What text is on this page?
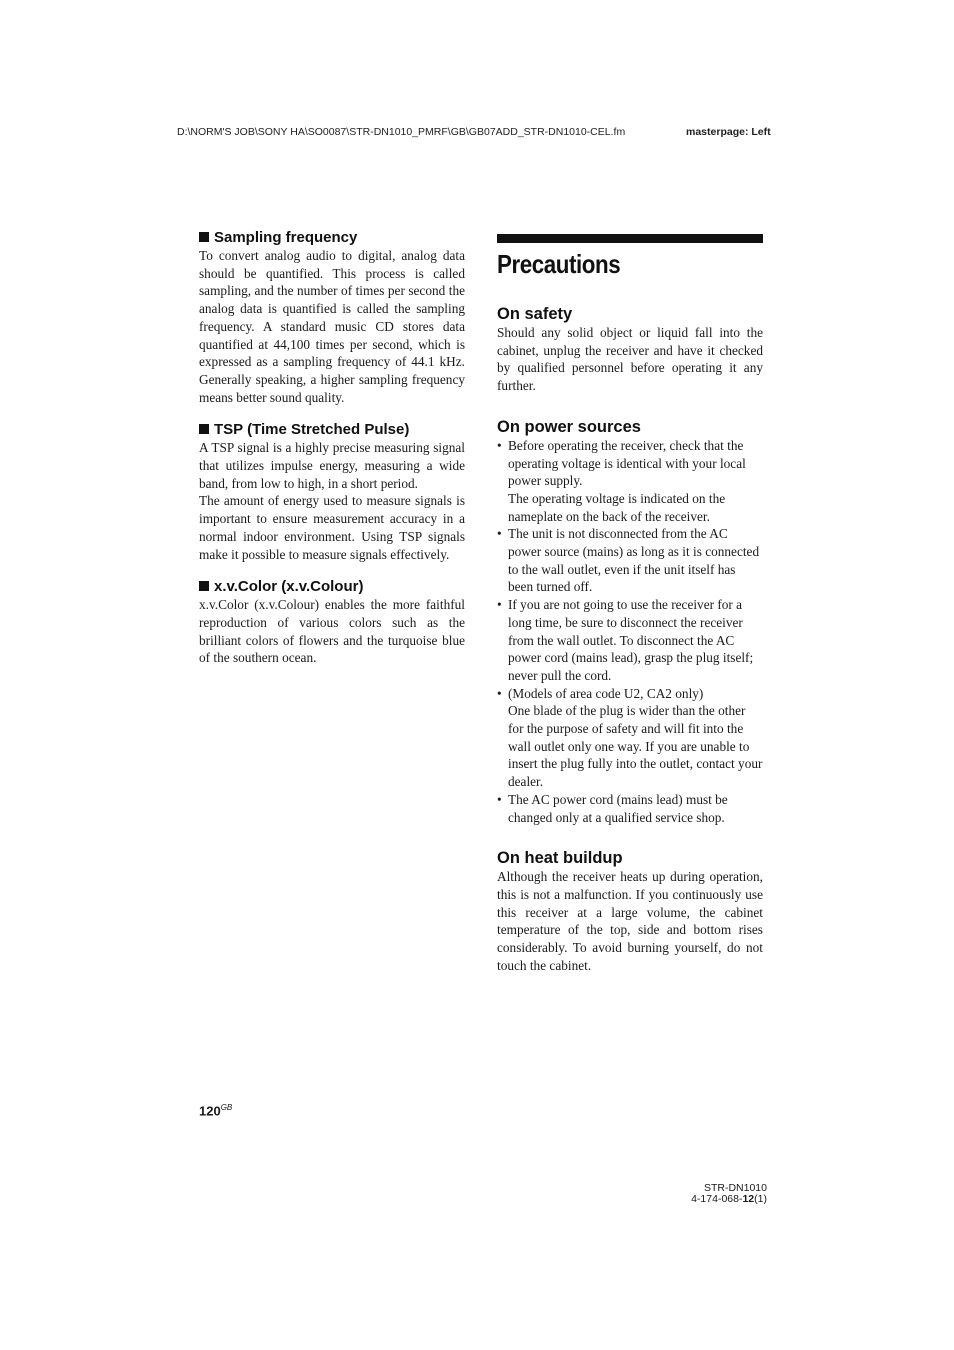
D:\NORM'S JOB\SONY HA\SO0087\STR-DN1010_PMRF\GB\GB07ADD_STR-DN1010-CEL.fm	masterpage: Left
Sampling frequency

To convert analog audio to digital, analog data should be quantified. This process is called sampling, and the number of times per second the analog data is quantified is called the sampling frequency. A standard music CD stores data quantified at 44,100 times per second, which is expressed as a sampling frequency of 44.1 kHz. Generally speaking, a higher sampling frequency means better sound quality.

TSP (Time Stretched Pulse)

A TSP signal is a highly precise measuring signal that utilizes impulse energy, measuring a wide band, from low to high, in a short period.

The amount of energy used to measure signals is important to ensure measurement accuracy in a normal indoor environment. Using TSP signals make it possible to measure signals effectively.

x.v.Color (x.v.Colour)

x.v.Color (x.v.Colour) enables the more faithful reproduction of various colors such as the brilliant colors of flowers and the turquoise blue of the southern ocean.

Precautions
On safety

Should any solid object or liquid fall into the cabinet, unplug the receiver and have it checked by qualified personnel before operating it any further.

On power sources
• Before operating the receiver, check that the operating voltage is identical with your local power supply.
The operating voltage is indicated on the nameplate on the back of the receiver.
• The unit is not disconnected from the AC power source (mains) as long as it is connected to the wall outlet, even if the unit itself has been turned off.
• If you are not going to use the receiver for a long time, be sure to disconnect the receiver from the wall outlet. To disconnect the AC power cord (mains lead), grasp the plug itself; never pull the cord.
• (Models of area code U2, CA2 only)
One blade of the plug is wider than the other for the purpose of safety and will fit into the wall outlet only one way. If you are unable to insert the plug fully into the outlet, contact your dealer.
• The AC power cord (mains lead) must be changed only at a qualified service shop.
On heat buildup

Although the receiver heats up during operation, this is not a malfunction. If you continuously use this receiver at a large volume, the cabinet temperature of the top, side and bottom rises considerably. To avoid burning yourself, do not touch the cabinet.

$120^{GB}$
STR-DN1010
4-174-068-12(1)
